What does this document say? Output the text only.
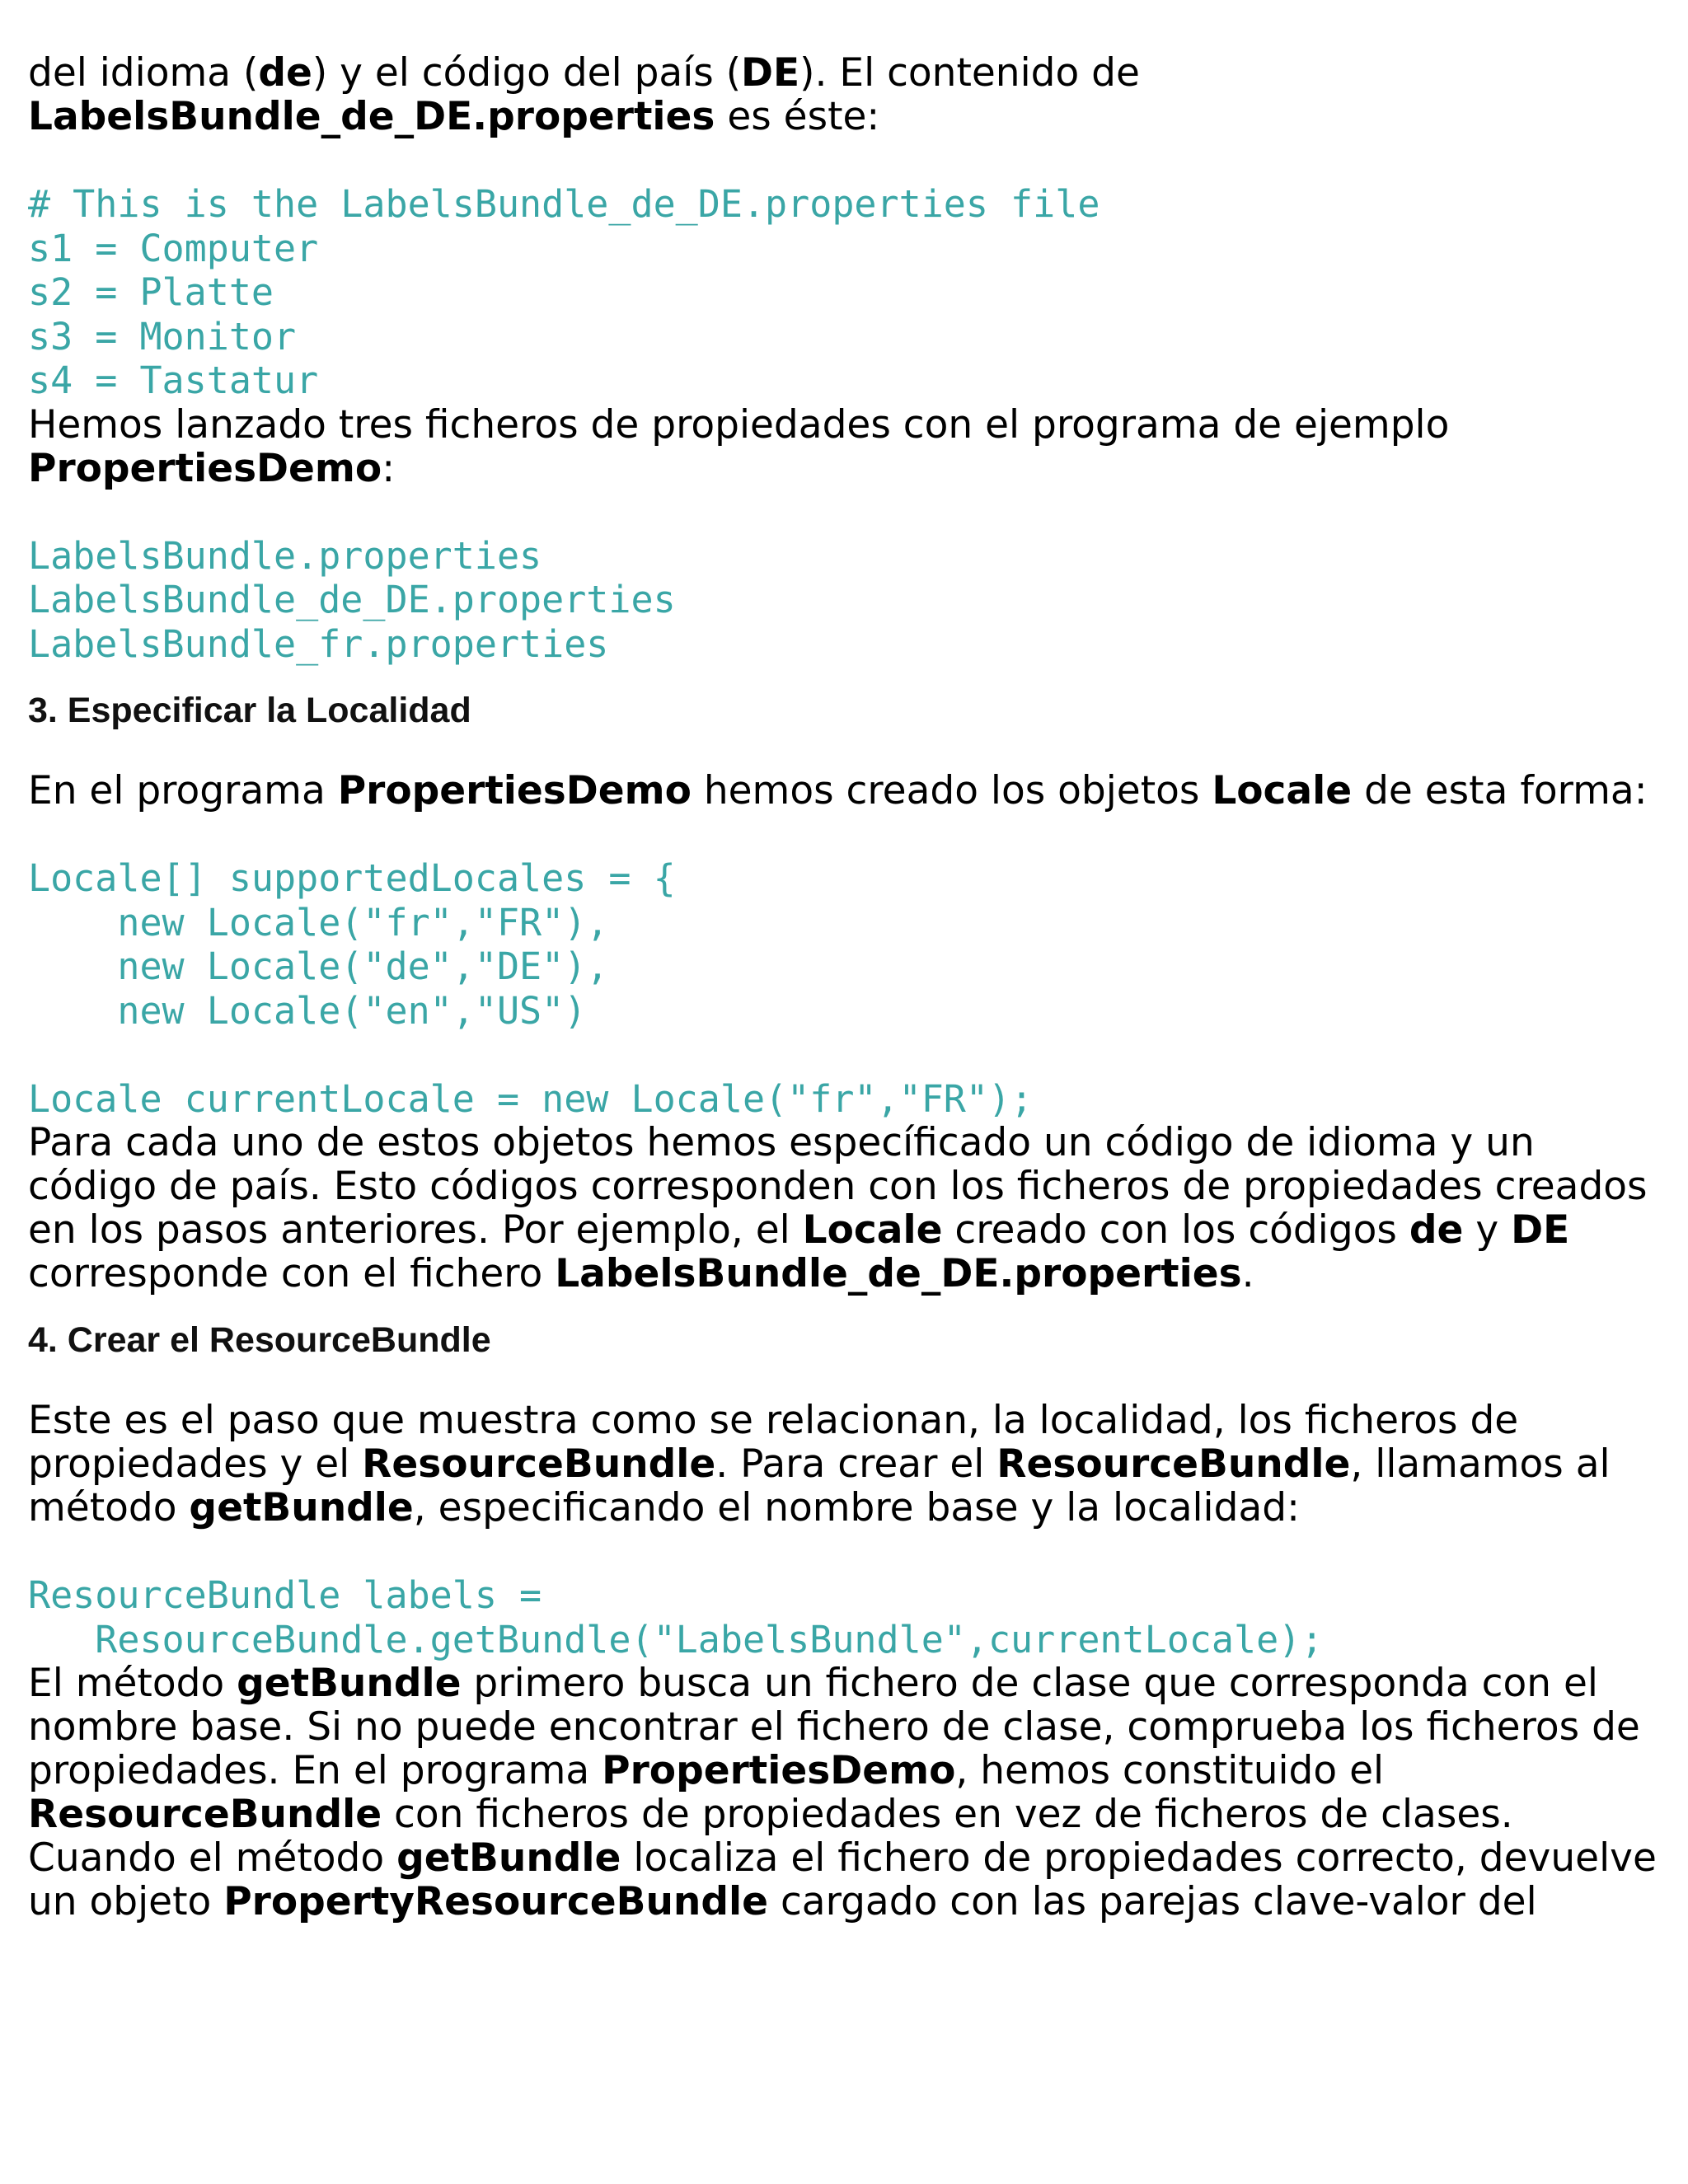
del idioma (de) y el código del país (DE). El contenido de

LabelsBundle_de_DE.properties es éste:

# This is the LabelsBundle_de_DE.properties file

s1 = Computer

s2 = Platte

s3 = Monitor

s4 = Tastatur

Hemos lanzado tres ficheros de propiedades con el programa de ejemplo

PropertiesDemo:

LabelsBundle.properties

LabelsBundle_de_DE.properties

LabelsBundle_fr.properties

3. Especificar la Localidad

En el programa PropertiesDemo hemos creado los objetos Locale de esta forma:

Locale[] supportedLocales = {

new Locale("fr","FR"),

new Locale("de","DE"),

new Locale("en","US")

Locale currentLocale = new Locale("fr","FR");

Para cada uno de estos objetos hemos específicado un código de idioma y un

código de país. Esto códigos corresponden con los ficheros de propiedades creados

en los pasos anteriores. Por ejemplo, el Locale creado con los códigos de y DE

corresponde con el fichero LabelsBundle_de_DE.properties.

4. Crear el ResourceBundle

Este es el paso que muestra como se relacionan, la localidad, los ficheros de

propiedades y el ResourceBundle. Para crear el ResourceBundle, llamamos al

método getBundle, especificando el nombre base y la localidad:

ResourceBundle labels =

ResourceBundle.getBundle("LabelsBundle",currentLocale);

El método getBundle primero busca un fichero de clase que corresponda con el

nombre base. Si no puede encontrar el fichero de clase, comprueba los ficheros de

propiedades. En el programa PropertiesDemo, hemos constituido el

ResourceBundle con ficheros de propiedades en vez de ficheros de clases.

Cuando el método getBundle localiza el fichero de propiedades correcto, devuelve

un objeto PropertyResourceBundle cargado con las parejas clave-valor del
